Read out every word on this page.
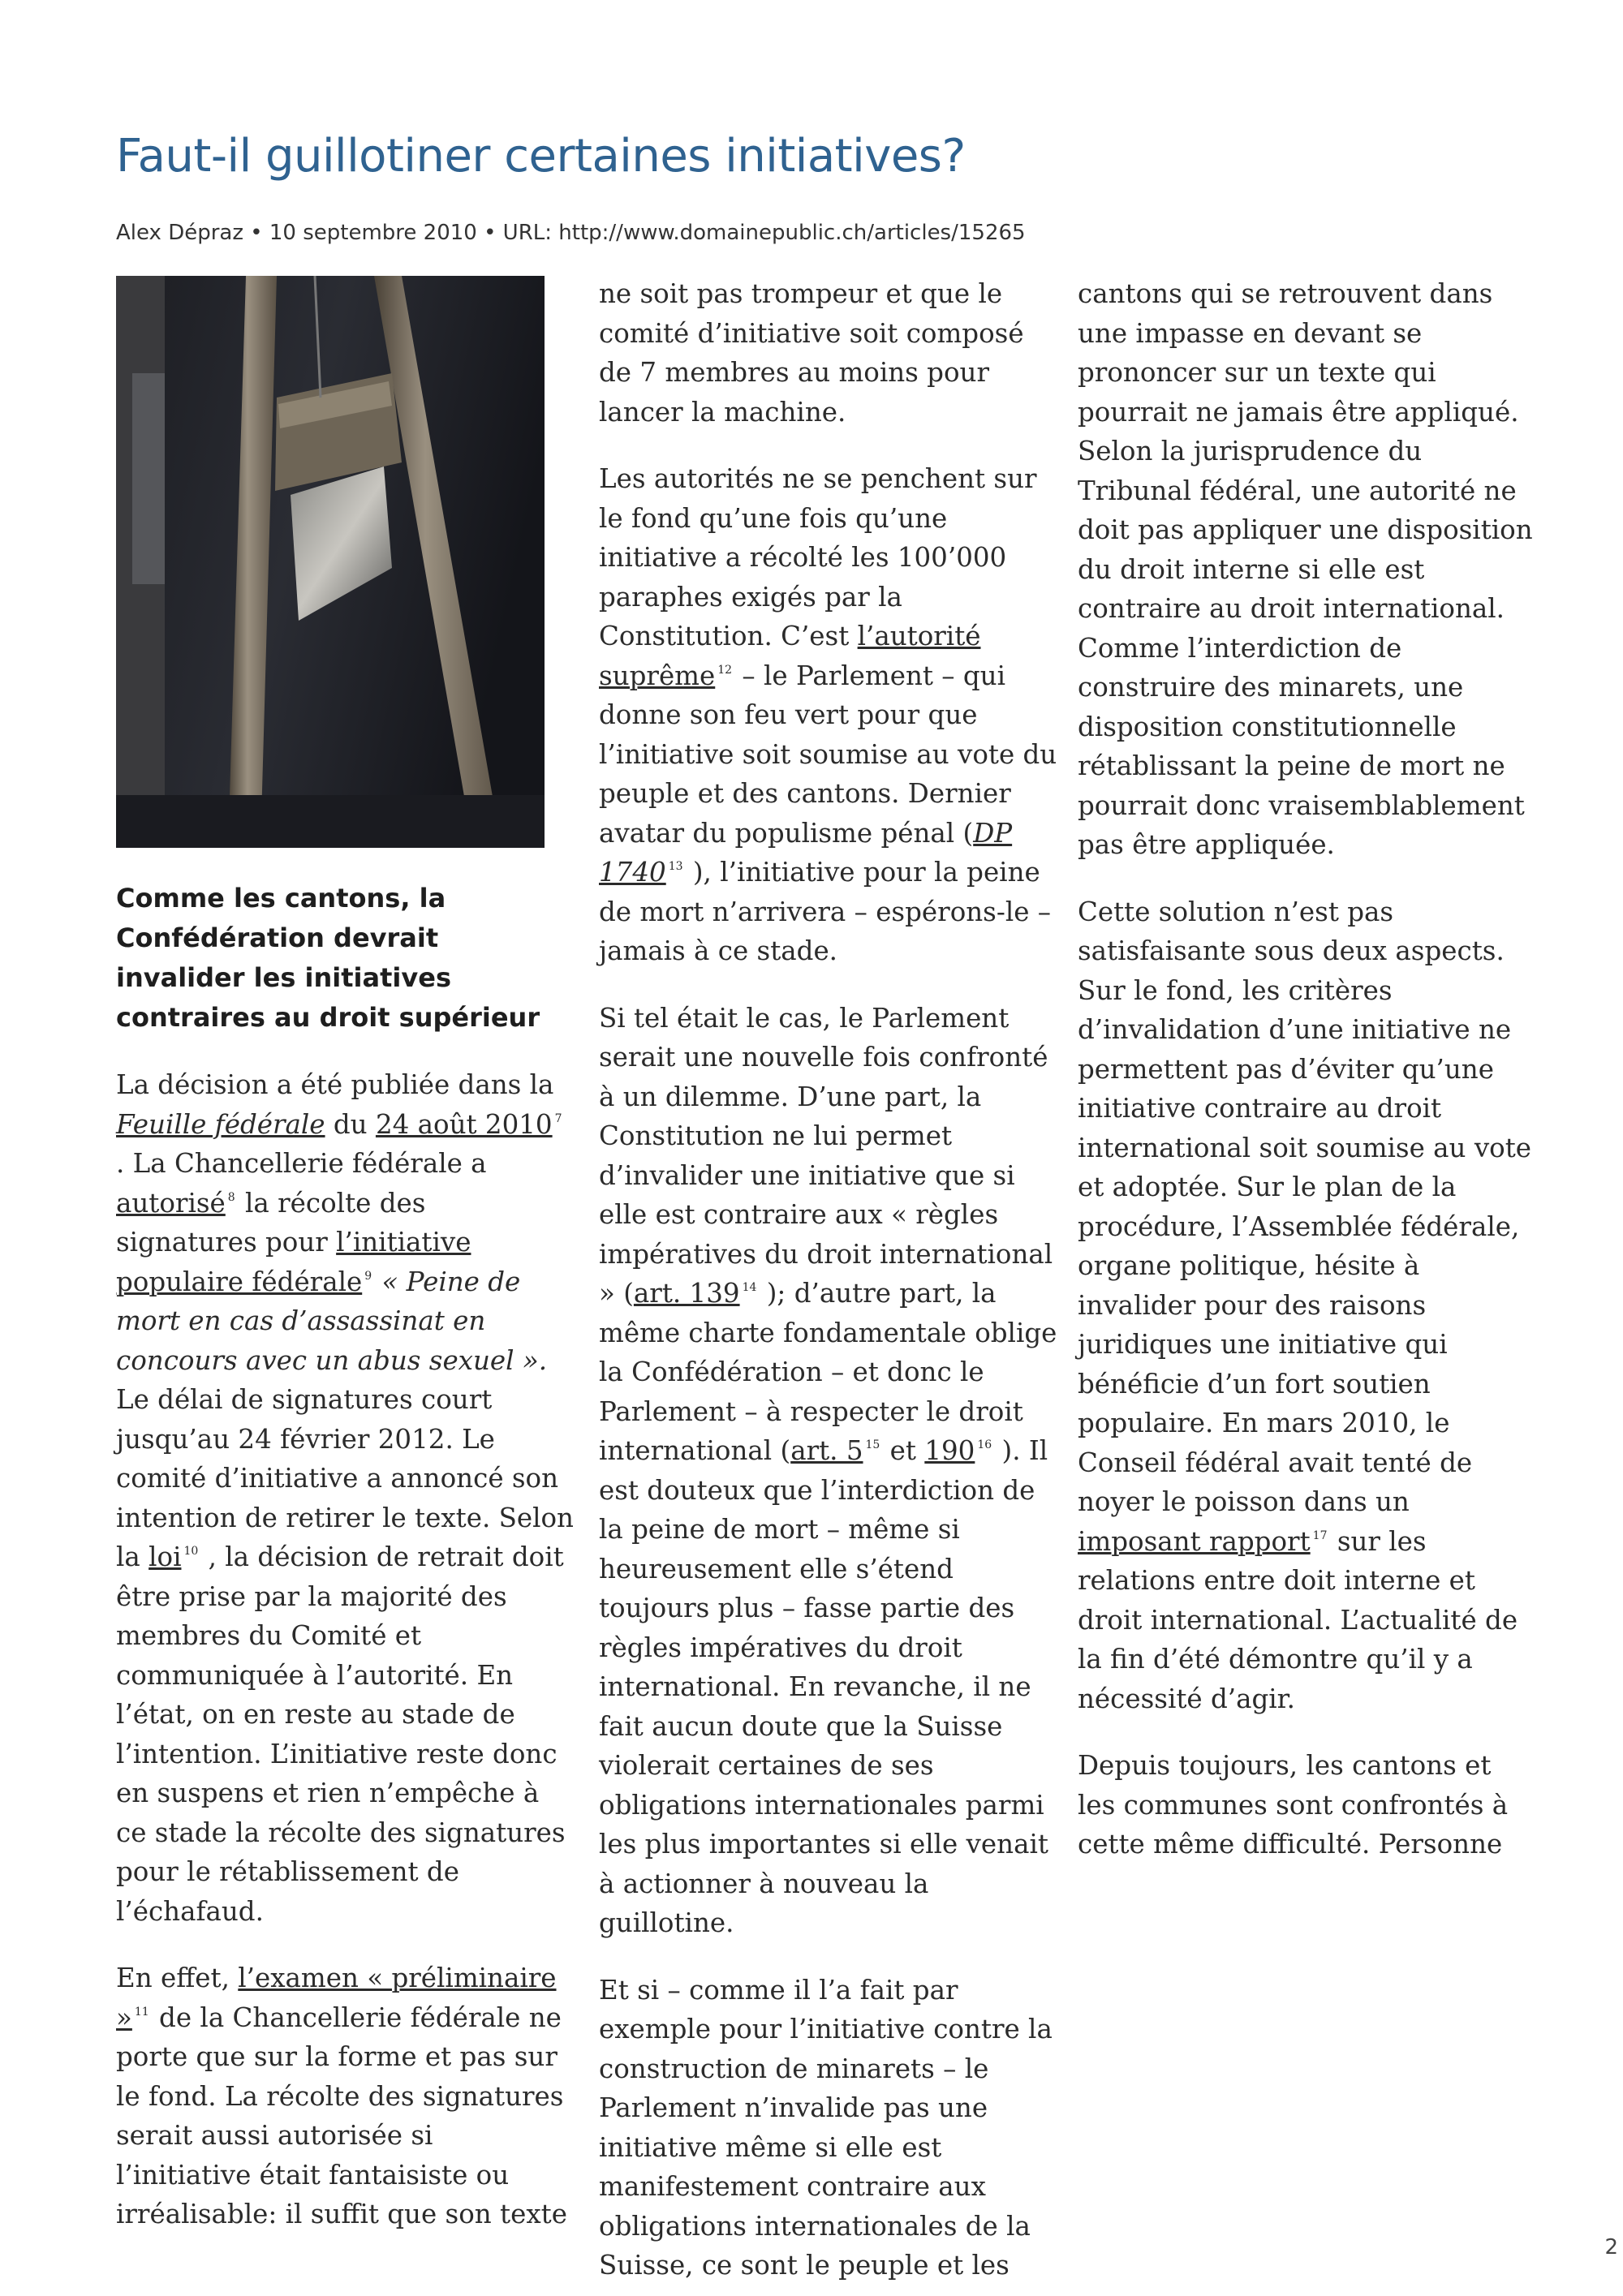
Faut-il guillotiner certaines initiatives?
Alex Dépraz • 10 septembre 2010 • URL: http://www.domainepublic.ch/articles/15265

Comme les cantons, la Confédération devrait invalider les initiatives contraires au droit supérieur

La décision a été publiée dans la Feuille fédérale du 24 août 2010 $^7$ . La Chancellerie fédérale a autorisé $^8$ la récolte des signatures pour l’initiative populaire fédérale $^9$ « Peine de mort en cas d’assassinat en concours avec un abus sexuel ». Le délai de signatures court jusqu’au 24 février 2012. Le comité d’initiative a annoncé son intention de retirer le texte. Selon la loi $^{10}$ , la décision de retrait doit être prise par la majorité des membres du Comité et communiquée à l’autorité. En l’état, on en reste au stade de l’intention. L’initiative reste donc en suspens et rien n’empêche à ce stade la récolte des signatures pour le rétablissement de l’échafaud.

En effet, l’examen « préliminaire » $^{11}$ de la Chancellerie fédérale ne porte que sur la forme et pas sur le fond. La récolte des signatures serait aussi autorisée si l’initiative était fantaisiste ou irréalisable: il suffit que son texte

ne soit pas trompeur et que le comité d’initiative soit composé de 7 membres au moins pour lancer la machine.

Les autorités ne se penchent sur le fond qu’une fois qu’une initiative a récolté les 100’000 paraphes exigés par la Constitution. C’est l’autorité suprême $^{12}$ – le Parlement – qui donne son feu vert pour que l’initiative soit soumise au vote du peuple et des cantons. Dernier avatar du populisme pénal (DP 1740 $^{13}$ ), l’initiative pour la peine de mort n’arrivera – espérons-le – jamais à ce stade.

Si tel était le cas, le Parlement serait une nouvelle fois confronté à un dilemme. D’une part, la Constitution ne lui permet d’invalider une initiative que si elle est contraire aux « règles impératives du droit international » (art. 139 $^{14}$ ); d’autre part, la même charte fondamentale oblige la Confédération – et donc le Parlement – à respecter le droit international (art. 5 $^{15}$ et 190 $^{16}$ ). Il est douteux que l’interdiction de la peine de mort – même si heureusement elle s’étend toujours plus – fasse partie des règles impératives du droit international. En revanche, il ne fait aucun doute que la Suisse violerait certaines de ses obligations internationales parmi les plus importantes si elle venait à actionner à nouveau la guillotine.

Et si – comme il l’a fait par exemple pour l’initiative contre la construction de minarets – le Parlement n’invalide pas une initiative même si elle est manifestement contraire aux obligations internationales de la Suisse, ce sont le peuple et les

cantons qui se retrouvent dans une impasse en devant se prononcer sur un texte qui pourrait ne jamais être appliqué. Selon la jurisprudence du Tribunal fédéral, une autorité ne doit pas appliquer une disposition du droit interne si elle est contraire au droit international. Comme l’interdiction de construire des minarets, une disposition constitutionnelle rétablissant la peine de mort ne pourrait donc vraisemblablement pas être appliquée.

Cette solution n’est pas satisfaisante sous deux aspects. Sur le fond, les critères d’invalidation d’une initiative ne permettent pas d’éviter qu’une initiative contraire au droit international soit soumise au vote et adoptée. Sur le plan de la procédure, l’Assemblée fédérale, organe politique, hésite à invalider pour des raisons juridiques une initiative qui bénéficie d’un fort soutien populaire. En mars 2010, le Conseil fédéral avait tenté de noyer le poisson dans un imposant rapport $^{17}$ sur les relations entre doit interne et droit international. L’actualité de la fin d’été démontre qu’il y a nécessité d’agir.

Depuis toujours, les cantons et les communes sont confrontés à cette même difficulté. Personne

2
